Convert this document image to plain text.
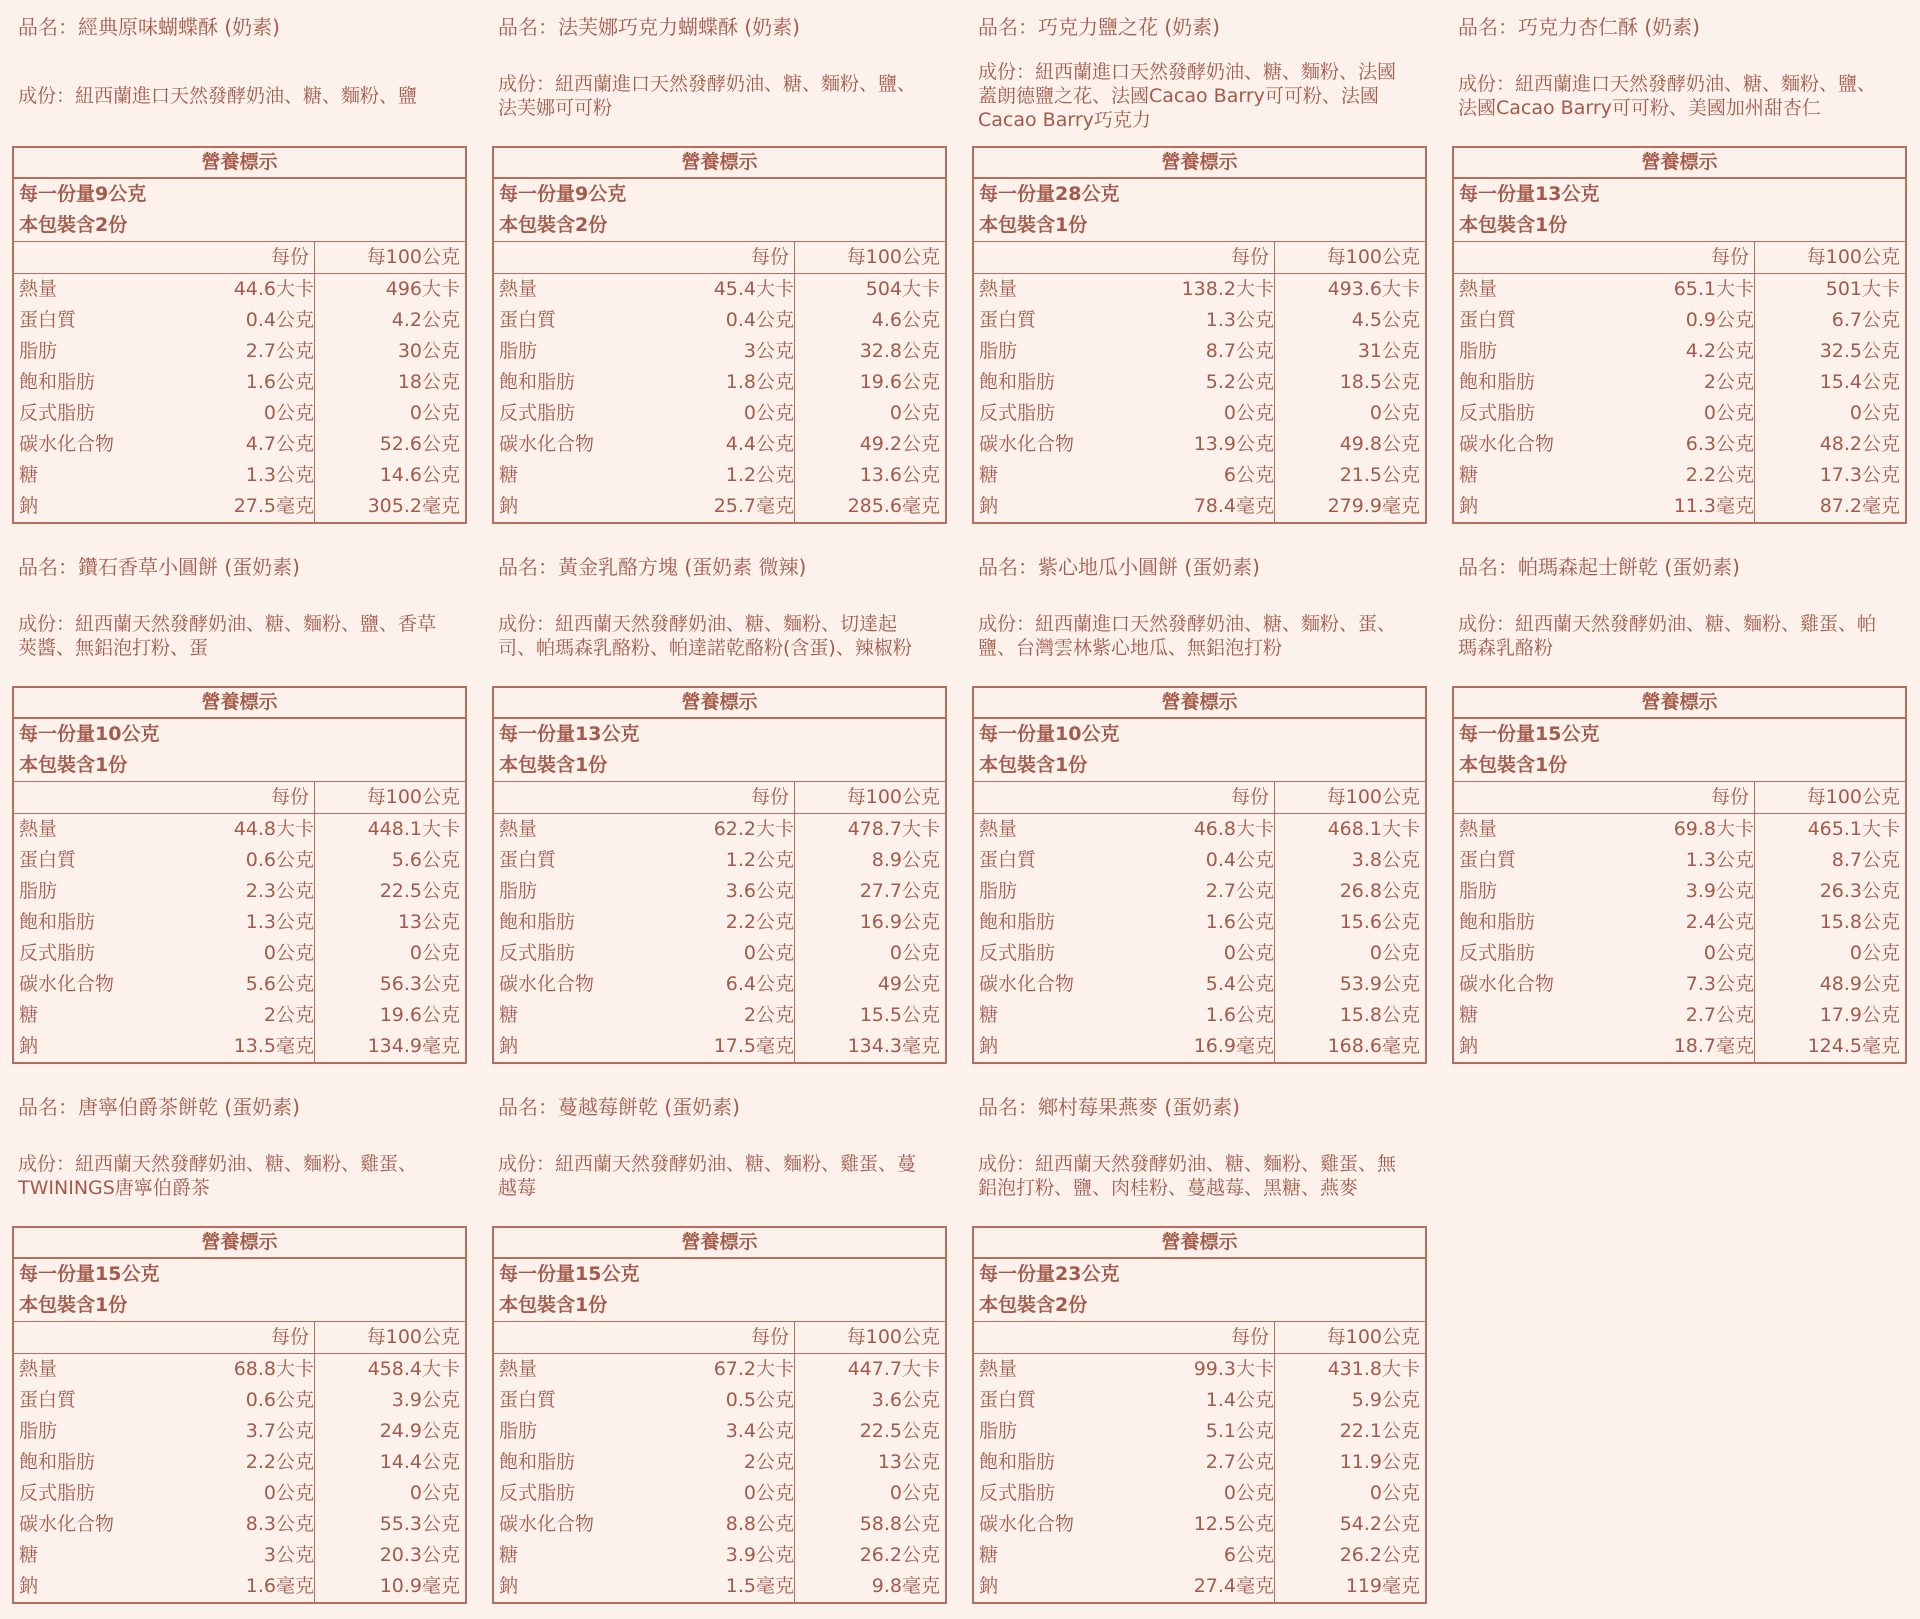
品名：經典原味蝴蝶酥 (奶素)
成份：紐西蘭進口天然發酵奶油、糖、麵粉、鹽
營養標示
每一份量9公克
本包裝含2份
每份	每100公克
熱量	44.6大卡	496大卡
蛋白質	0.4公克	4.2公克
脂肪	2.7公克	30公克
飽和脂肪	1.6公克	18公克
反式脂肪	0公克	0公克
碳水化合物	4.7公克	52.6公克
糖	1.3公克	14.6公克
鈉	27.5毫克	305.2毫克
品名：法芙娜巧克力蝴蝶酥 (奶素)
成份：紐西蘭進口天然發酵奶油、糖、麵粉、鹽、法芙娜可可粉
營養標示
每一份量9公克
本包裝含2份
每份	每100公克
熱量	45.4大卡	504大卡
蛋白質	0.4公克	4.6公克
脂肪	3公克	32.8公克
飽和脂肪	1.8公克	19.6公克
反式脂肪	0公克	0公克
碳水化合物	4.4公克	49.2公克
糖	1.2公克	13.6公克
鈉	25.7毫克	285.6毫克
品名：巧克力鹽之花 (奶素)
成份：紐西蘭進口天然發酵奶油、糖、麵粉、法國蓋朗德鹽之花、法國Cacao Barry可可粉、法國Cacao Barry巧克力
營養標示
每一份量28公克
本包裝含1份
每份	每100公克
熱量	138.2大卡	493.6大卡
蛋白質	1.3公克	4.5公克
脂肪	8.7公克	31公克
飽和脂肪	5.2公克	18.5公克
反式脂肪	0公克	0公克
碳水化合物	13.9公克	49.8公克
糖	6公克	21.5公克
鈉	78.4毫克	279.9毫克
品名：巧克力杏仁酥 (奶素)
成份：紐西蘭進口天然發酵奶油、糖、麵粉、鹽、法國Cacao Barry可可粉、美國加州甜杏仁
營養標示
每一份量13公克
本包裝含1份
每份	每100公克
熱量	65.1大卡	501大卡
蛋白質	0.9公克	6.7公克
脂肪	4.2公克	32.5公克
飽和脂肪	2公克	15.4公克
反式脂肪	0公克	0公克
碳水化合物	6.3公克	48.2公克
糖	2.2公克	17.3公克
鈉	11.3毫克	87.2毫克
品名：鑽石香草小圓餅 (蛋奶素)
成份：紐西蘭天然發酵奶油、糖、麵粉、鹽、香草莢醬、無鋁泡打粉、蛋
營養標示
每一份量10公克
本包裝含1份
每份	每100公克
熱量	44.8大卡	448.1大卡
蛋白質	0.6公克	5.6公克
脂肪	2.3公克	22.5公克
飽和脂肪	1.3公克	13公克
反式脂肪	0公克	0公克
碳水化合物	5.6公克	56.3公克
糖	2公克	19.6公克
鈉	13.5毫克	134.9毫克
品名：黃金乳酪方塊 (蛋奶素 微辣)
成份：紐西蘭天然發酵奶油、糖、麵粉、切達起司、帕瑪森乳酪粉、帕達諾乾酪粉(含蛋)、辣椒粉
營養標示
每一份量13公克
本包裝含1份
每份	每100公克
熱量	62.2大卡	478.7大卡
蛋白質	1.2公克	8.9公克
脂肪	3.6公克	27.7公克
飽和脂肪	2.2公克	16.9公克
反式脂肪	0公克	0公克
碳水化合物	6.4公克	49公克
糖	2公克	15.5公克
鈉	17.5毫克	134.3毫克
品名：紫心地瓜小圓餅 (蛋奶素)
成份：紐西蘭進口天然發酵奶油、糖、麵粉、蛋、鹽、台灣雲林紫心地瓜、無鋁泡打粉
營養標示
每一份量10公克
本包裝含1份
每份	每100公克
熱量	46.8大卡	468.1大卡
蛋白質	0.4公克	3.8公克
脂肪	2.7公克	26.8公克
飽和脂肪	1.6公克	15.6公克
反式脂肪	0公克	0公克
碳水化合物	5.4公克	53.9公克
糖	1.6公克	15.8公克
鈉	16.9毫克	168.6毫克
品名：帕瑪森起士餅乾 (蛋奶素)
成份：紐西蘭天然發酵奶油、糖、麵粉、雞蛋、帕瑪森乳酪粉
營養標示
每一份量15公克
本包裝含1份
每份	每100公克
熱量	69.8大卡	465.1大卡
蛋白質	1.3公克	8.7公克
脂肪	3.9公克	26.3公克
飽和脂肪	2.4公克	15.8公克
反式脂肪	0公克	0公克
碳水化合物	7.3公克	48.9公克
糖	2.7公克	17.9公克
鈉	18.7毫克	124.5毫克
品名：唐寧伯爵茶餅乾 (蛋奶素)
成份：紐西蘭天然發酵奶油、糖、麵粉、雞蛋、TWININGS唐寧伯爵茶
營養標示
每一份量15公克
本包裝含1份
每份	每100公克
熱量	68.8大卡	458.4大卡
蛋白質	0.6公克	3.9公克
脂肪	3.7公克	24.9公克
飽和脂肪	2.2公克	14.4公克
反式脂肪	0公克	0公克
碳水化合物	8.3公克	55.3公克
糖	3公克	20.3公克
鈉	1.6毫克	10.9毫克
品名：蔓越莓餅乾 (蛋奶素)
成份：紐西蘭天然發酵奶油、糖、麵粉、雞蛋、蔓越莓
營養標示
每一份量15公克
本包裝含1份
每份	每100公克
熱量	67.2大卡	447.7大卡
蛋白質	0.5公克	3.6公克
脂肪	3.4公克	22.5公克
飽和脂肪	2公克	13公克
反式脂肪	0公克	0公克
碳水化合物	8.8公克	58.8公克
糖	3.9公克	26.2公克
鈉	1.5毫克	9.8毫克
品名：鄉村莓果燕麥 (蛋奶素)
成份：紐西蘭天然發酵奶油、糖、麵粉、雞蛋、無鋁泡打粉、鹽、肉桂粉、蔓越莓、黑糖、燕麥
營養標示
每一份量23公克
本包裝含2份
每份	每100公克
熱量	99.3大卡	431.8大卡
蛋白質	1.4公克	5.9公克
脂肪	5.1公克	22.1公克
飽和脂肪	2.7公克	11.9公克
反式脂肪	0公克	0公克
碳水化合物	12.5公克	54.2公克
糖	6公克	26.2公克
鈉	27.4毫克	119毫克
